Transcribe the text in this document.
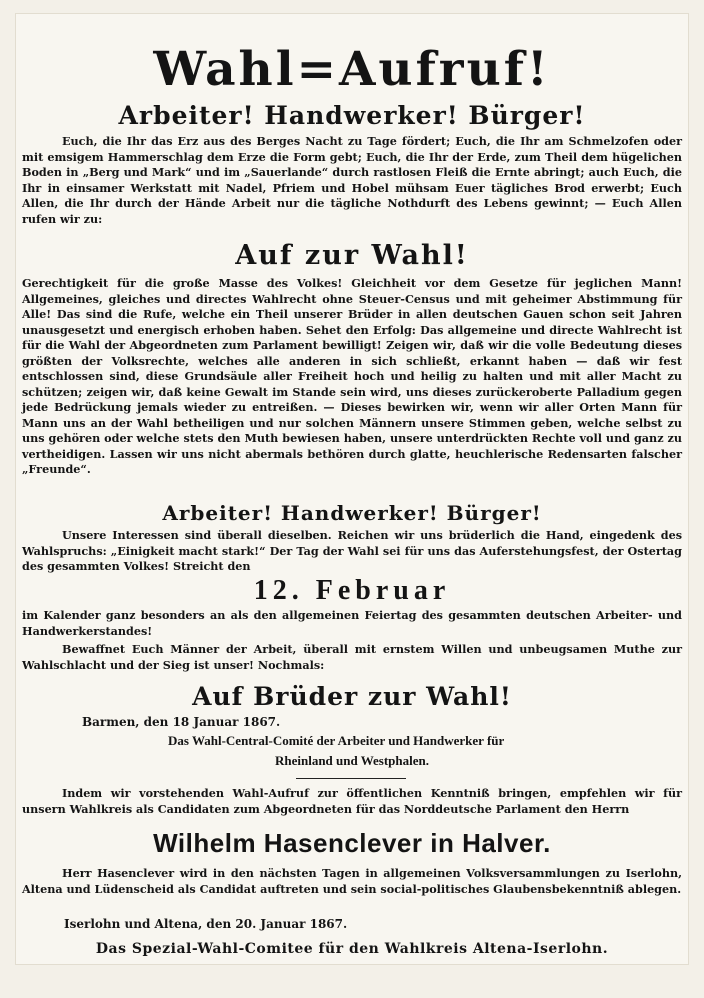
Wahl=Aufruf!
Arbeiter! Handwerker! Bürger!
Euch, die Ihr das Erz aus des Berges Nacht zu Tage fördert; Euch, die Ihr am Schmelzofen oder mit emsigem Hammerschlag dem Erze die Form gebt; Euch, die Ihr der Erde, zum Theil dem hügelichen Boden in „Berg und Mark“ und im „Sauerlande“ durch rastlosen Fleiß die Ernte abringt; auch Euch, die Ihr in einsamer Werkstatt mit Nadel, Pfriem und Hobel mühsam Euer tägliches Brod erwerbt; Euch Allen, die Ihr durch der Hände Arbeit nur die tägliche Nothdurft des Lebens gewinnt; — Euch Allen rufen wir zu:
Auf zur Wahl!
Gerechtigkeit für die große Masse des Volkes! Gleichheit vor dem Gesetze für jeglichen Mann! Allgemeines, gleiches und directes Wahlrecht ohne Steuer-Census und mit geheimer Abstimmung für Alle! Das sind die Rufe, welche ein Theil unserer Brüder in allen deutschen Gauen schon seit Jahren unausgesetzt und energisch erhoben haben. Sehet den Erfolg: Das allgemeine und directe Wahlrecht ist für die Wahl der Abgeordneten zum Parlament bewilligt! Zeigen wir, daß wir die volle Bedeutung dieses größten der Volksrechte, welches alle anderen in sich schließt, erkannt haben — daß wir fest entschlossen sind, diese Grundsäule aller Freiheit hoch und heilig zu halten und mit aller Macht zu schützen; zeigen wir, daß keine Gewalt im Stande sein wird, uns dieses zurückeroberte Palladium gegen jede Bedrückung jemals wieder zu entreißen. — Dieses bewirken wir, wenn wir aller Orten Mann für Mann uns an der Wahl betheiligen und nur solchen Männern unsere Stimmen geben, welche selbst zu uns gehören oder welche stets den Muth bewiesen haben, unsere unterdrückten Rechte voll und ganz zu vertheidigen. Lassen wir uns nicht abermals bethören durch glatte, heuchlerische Redensarten falscher „Freunde“.
Arbeiter! Handwerker! Bürger!
Unsere Interessen sind überall dieselben. Reichen wir uns brüderlich die Hand, eingedenk des Wahlspruchs: „Einigkeit macht stark!“ Der Tag der Wahl sei für uns das Auferstehungsfest, der Ostertag des gesammten Volkes! Streicht den
12. Februar
im Kalender ganz besonders an als den allgemeinen Feiertag des gesammten deutschen Arbeiter- und Handwerkerstandes!
Bewaffnet Euch Männer der Arbeit, überall mit ernstem Willen und unbeugsamen Muthe zur Wahlschlacht und der Sieg ist unser! Nochmals:
Auf Brüder zur Wahl!
Barmen, den 18 Januar 1867.
Das Wahl-Central-Comité der Arbeiter und Handwerker für
Rheinland und Westphalen.
Indem wir vorstehenden Wahl-Aufruf zur öffentlichen Kenntniß bringen, empfehlen wir für unsern Wahlkreis als Candidaten zum Abgeordneten für das Norddeutsche Parlament den Herrn
Wilhelm Hasenclever in Halver.
Herr Hasenclever wird in den nächsten Tagen in allgemeinen Volksversammlungen zu Iserlohn, Altena und Lüdenscheid als Candidat auftreten und sein social-politisches Glaubensbekenntniß ablegen.
Iserlohn und Altena, den 20. Januar 1867.
Das Spezial-Wahl-Comitee für den Wahlkreis Altena-Iserlohn.
